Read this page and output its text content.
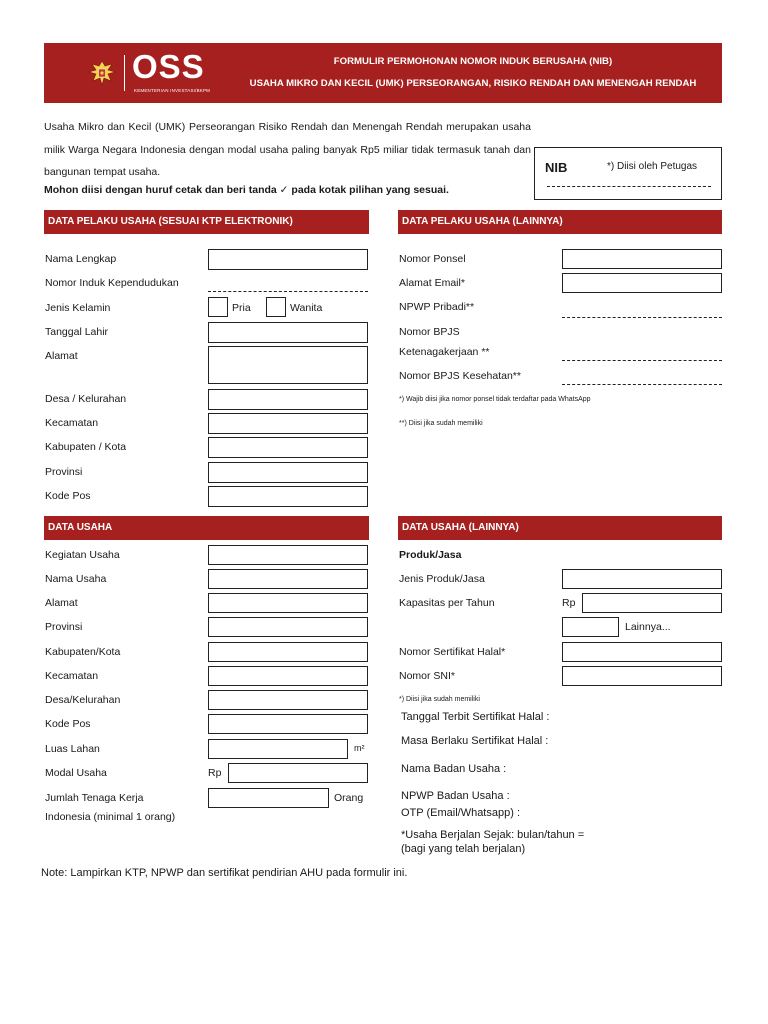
OSS
KEMENTERIAN INVESTASI/BKPM
FORMULIR PERMOHONAN NOMOR INDUK BERUSAHA (NIB)
USAHA MIKRO DAN KECIL (UMK) PERSEORANGAN, RISIKO RENDAH DAN MENENGAH RENDAH
Usaha Mikro dan Kecil (UMK) Perseorangan Risiko Rendah dan Menengah Rendah merupakan usaha milik Warga Negara Indonesia dengan modal usaha paling banyak Rp5 miliar tidak termasuk tanah dan bangunan tempat usaha.
Mohon diisi dengan huruf cetak dan beri tanda ✓ pada kotak pilihan yang sesuai.
NIB	*) Diisi oleh Petugas
DATA PELAKU USAHA (SESUAI KTP ELEKTRONIK)
Nama Lengkap
Nomor Induk Kependudukan
Jenis Kelamin	Pria	Wanita
Tanggal Lahir
Alamat
Desa / Kelurahan
Kecamatan
Kabupaten / Kota
Provinsi
Kode Pos
DATA PELAKU USAHA (LAINNYA)
Nomor Ponsel
Alamat Email*
NPWP Pribadi**
Nomor BPJS
Ketenagakerjaan **
Nomor BPJS Kesehatan**
*) Wajib diisi jika nomor ponsel tidak terdaftar pada WhatsApp
**) Diisi jika sudah memiliki
DATA USAHA
Kegiatan Usaha
Nama Usaha
Alamat
Provinsi
Kabupaten/Kota
Kecamatan
Desa/Kelurahan
Kode Pos
Luas Lahan	m²
Modal Usaha	Rp
Jumlah Tenaga Kerja
Indonesia (minimal 1 orang)
Orang
DATA USAHA (LAINNYA)
Produk/Jasa
Jenis Produk/Jasa
Kapasitas per Tahun	Rp
Lainnya...
Nomor Sertifikat Halal*
Nomor SNI*
*) Diisi jika sudah memiliki
Tanggal Terbit Sertifikat Halal :
Masa Berlaku Sertifikat Halal :
Nama Badan Usaha :
NPWP Badan Usaha :
OTP (Email/Whatsapp) :
*Usaha Berjalan Sejak: bulan/tahun =
(bagi yang telah berjalan)
Note: Lampirkan KTP, NPWP dan sertifikat pendirian AHU pada formulir ini.
